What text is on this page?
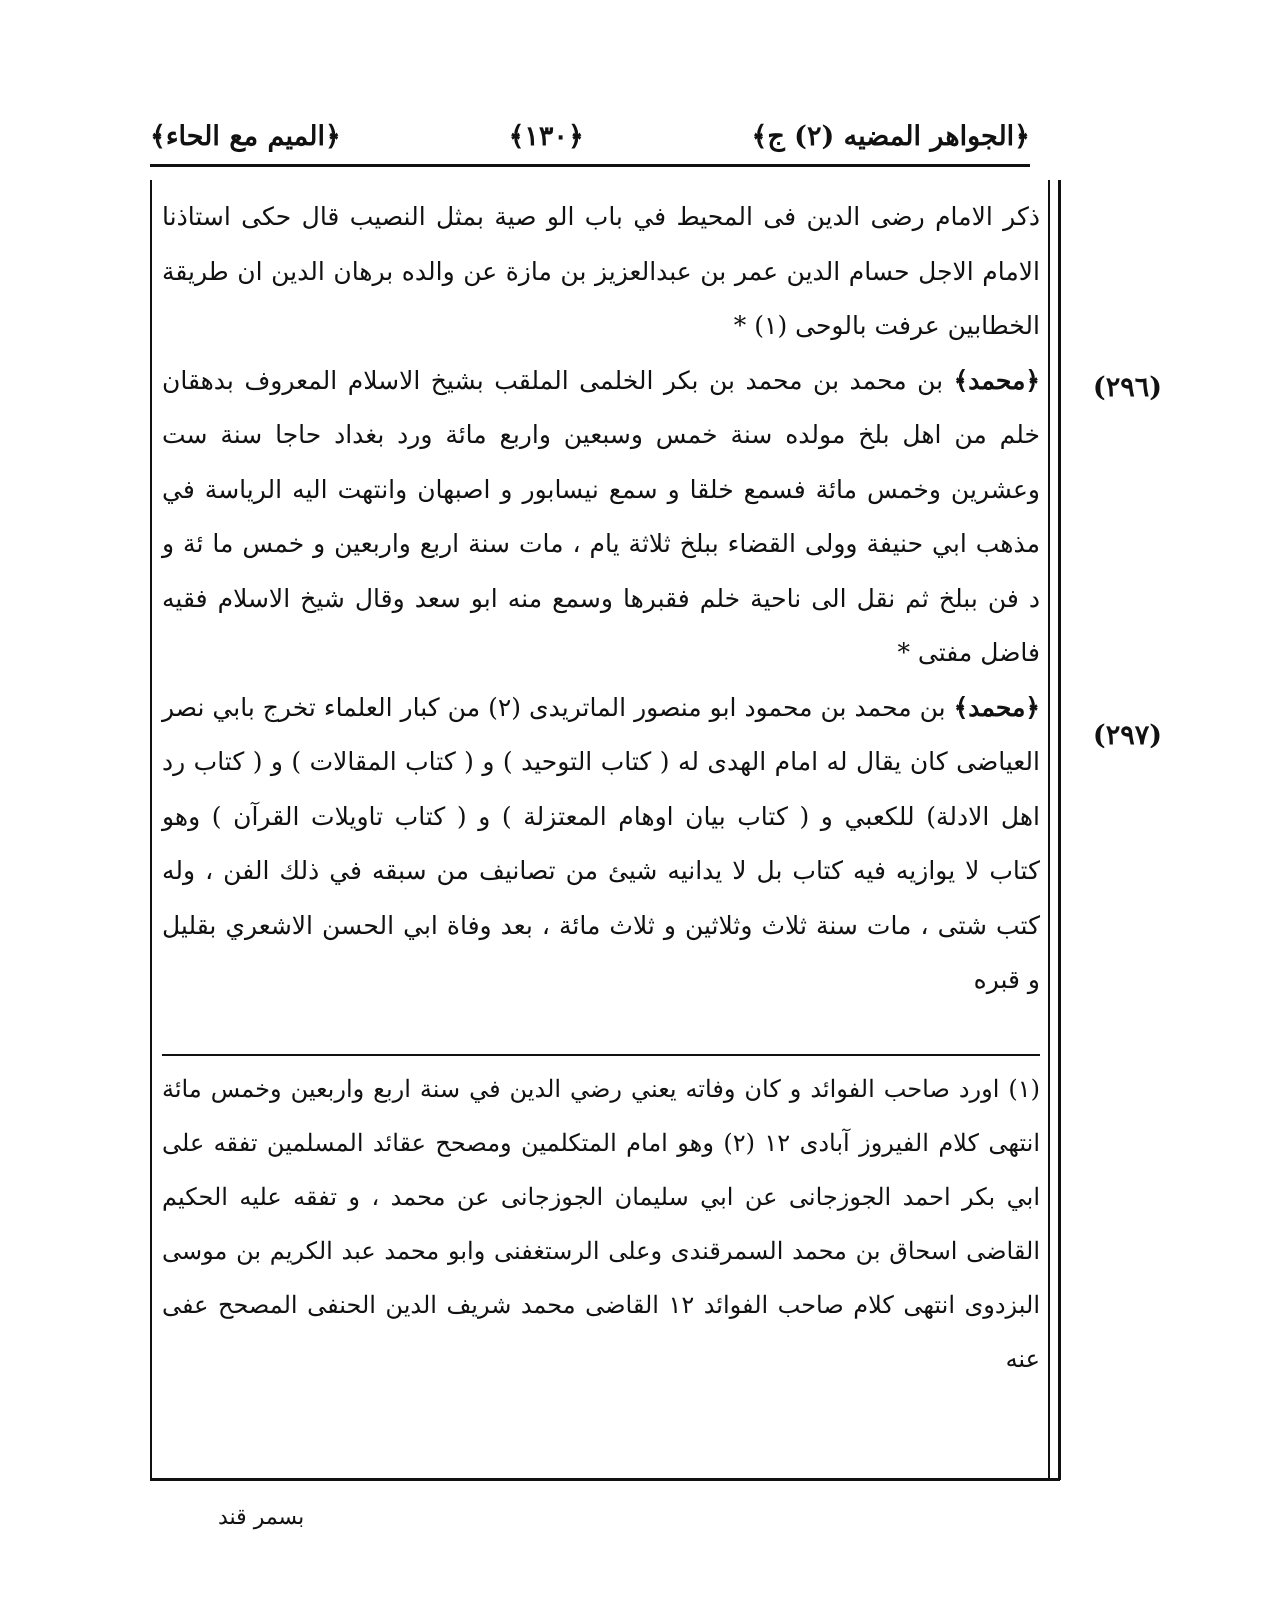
﴿الجواهر المضيه (٢) ج﴾
﴿١٣٠﴾
﴿الميم مع الحاء﴾
ذكر الامام رضى الدين فى المحيط في باب الو صية بمثل النصيب قال حكى استاذنا الامام الاجل حسام الدين عمر بن عبدالعزيز بن مازة عن والده برهان الدين ان طريقة الخطابين عرفت بالوحى (١) *
﴿محمد﴾ بن محمد بن محمد بن بكر الخلمى الملقب بشيخ الاسلام المعروف بدهقان خلم من اهل بلخ مولده سنة خمس وسبعين واربع مائة ورد بغداد حاجا سنة ست وعشرين وخمس مائة فسمع خلقا و سمع نيسابور و اصبهان وانتهت اليه الرياسة في مذهب ابي حنيفة وولى القضاء ببلخ ثلاثة يام ، مات سنة اربع واربعين و خمس ما ئة و د فن ببلخ ثم نقل الى ناحية خلم فقبرها وسمع منه ابو سعد وقال شيخ الاسلام فقيه فاضل مفتى *
﴿محمد﴾ بن محمد بن محمود ابو منصور الماتريدى (٢) من كبار العلماء تخرج بابي نصر العياضى كان يقال له امام الهدى له ( كتاب التوحيد ) و ( كتاب المقالات ) و ( كتاب رد اهل الادلة) للكعبي و ( كتاب بيان اوهام المعتزلة ) و ( كتاب تاويلات القرآن ) وهو كتاب لا يوازيه فيه كتاب بل لا يدانيه شيئ من تصانيف من سبقه في ذلك الفن ، وله كتب شتى ، مات سنة ثلاث وثلاثين و ثلاث مائة ، بعد وفاة ابي الحسن الاشعري بقليل و قبره
(٢٩٦)
(٢٩٧)
(١) اورد صاحب الفوائد و كان وفاته يعني رضي الدين في سنة اربع واربعين وخمس مائة انتهى كلام الفيروز آبادى ١٢ (٢) وهو امام المتكلمين ومصحح عقائد المسلمين تفقه على ابي بكر احمد الجوزجانى عن ابي سليمان الجوزجانى عن محمد ، و تفقه عليه الحكيم القاضى اسحاق بن محمد السمرقندى وعلى الرستغفنى وابو محمد عبد الكريم بن موسى البزدوى انتهى كلام صاحب الفوائد ١٢ القاضى محمد شريف الدين الحنفى المصحح عفى عنه
بسمر قند
